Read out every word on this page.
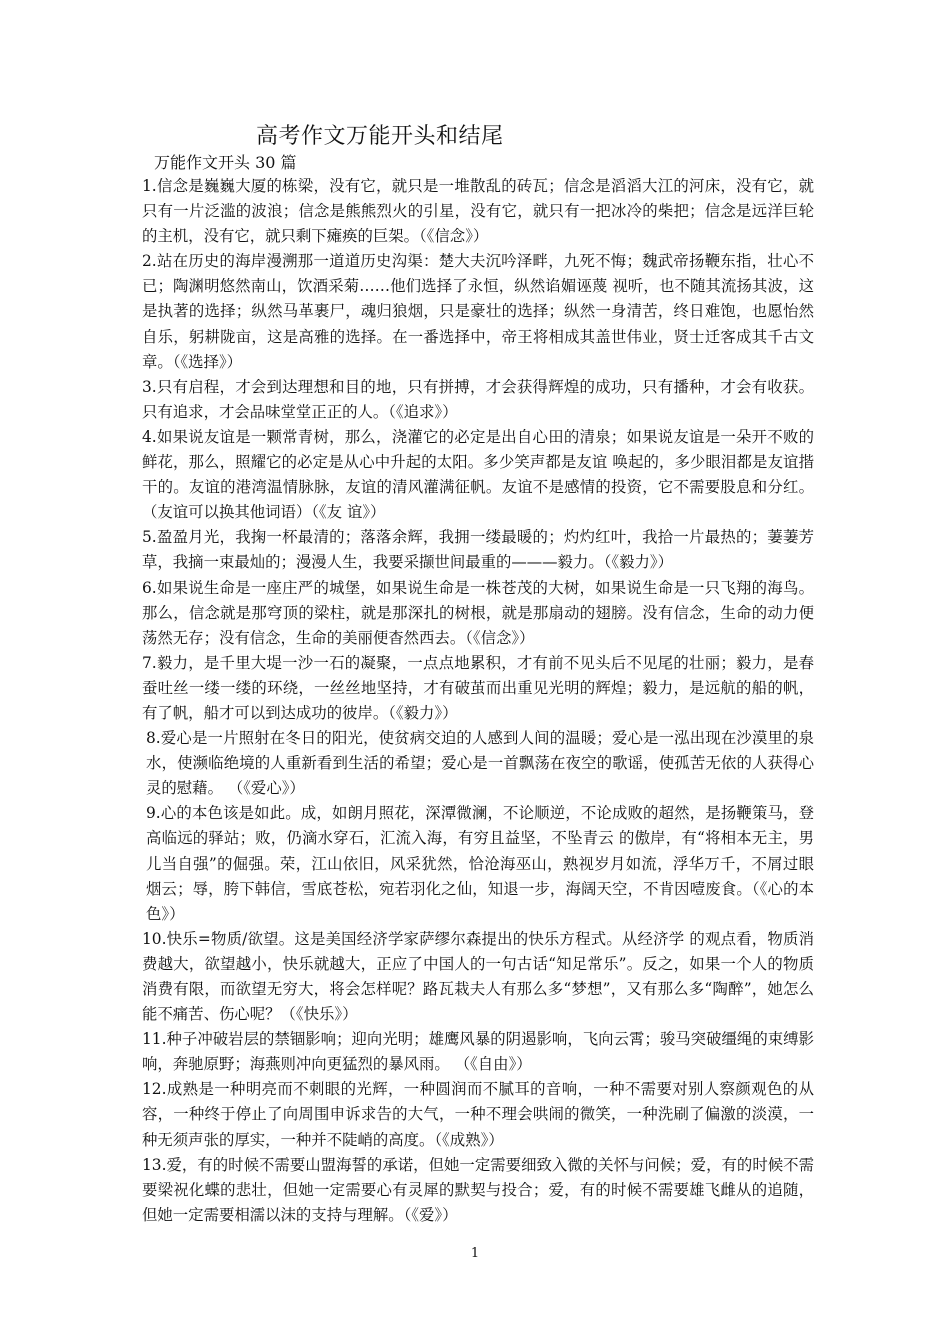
高考作文万能开头和结尾
万能作文开头 30 篇

1.信念是巍巍大厦的栋梁，没有它，就只是一堆散乱的砖瓦；信念是滔滔大江的河床，没有它，就只有一片泛滥的波浪；信念是熊熊烈火的引星，没有它，就只有一把冰冷的柴把；信念是远洋巨轮的主机，没有它，就只剩下瘫痪的巨架。（《信念》）

2.站在历史的海岸漫溯那一道道历史沟渠：楚大夫沉吟泽畔，九死不悔；魏武帝扬鞭东指，壮心不已；陶渊明悠然南山，饮酒采菊……他们选择了永恒，纵然谄媚诬蔑 视听，也不随其流扬其波，这是执著的选择；纵然马革裹尸，魂归狼烟，只是豪壮的选择；纵然一身清苦，终日难饱，也愿怡然自乐，躬耕陇亩，这是高雅的选择。在一番选择中，帝王将相成其盖世伟业，贤士迁客成其千古文章。（《选择》）

3.只有启程，才会到达理想和目的地，只有拼搏，才会获得辉煌的成功，只有播种，才会有收获。只有追求，才会品味堂堂正正的人。（《追求》）

4.如果说友谊是一颗常青树，那么，浇灌它的必定是出自心田的清泉；如果说友谊是一朵开不败的鲜花，那么，照耀它的必定是从心中升起的太阳。多少笑声都是友谊 唤起的，多少眼泪都是友谊揩干的。友谊的港湾温情脉脉，友谊的清风灌满征帆。友谊不是感情的投资，它不需要股息和分红。（友谊可以换其他词语）（《友 谊》）

5.盈盈月光，我掬一杯最清的；落落余辉，我拥一缕最暖的；灼灼红叶，我拾一片最热的；萋萋芳草，我摘一束最灿的；漫漫人生，我要采撷世间最重的———毅力。（《毅力》）

6.如果说生命是一座庄严的城堡，如果说生命是一株苍茂的大树，如果说生命是一只飞翔的海鸟。那么，信念就是那穹顶的梁柱，就是那深扎的树根，就是那扇动的翅膀。没有信念，生命的动力便荡然无存；没有信念，生命的美丽便杳然西去。（《信念》）

7.毅力，是千里大堤一沙一石的凝聚，一点点地累积，才有前不见头后不见尾的壮丽；毅力，是春蚕吐丝一缕一缕的环绕，一丝丝地坚持，才有破茧而出重见光明的辉煌；毅力，是远航的船的帆，有了帆，船才可以到达成功的彼岸。（《毅力》）

8.爱心是一片照射在冬日的阳光，使贫病交迫的人感到人间的温暖；爱心是一泓出现在沙漠里的泉水，使濒临绝境的人重新看到生活的希望；爱心是一首飘荡在夜空的歌谣，使孤苦无依的人获得心灵的慰藉。 （《爱心》）

9.心的本色该是如此。成，如朗月照花，深潭微澜，不论顺逆，不论成败的超然，是扬鞭策马，登高临远的驿站；败，仍滴水穿石，汇流入海，有穷且益坚，不坠青云 的傲岸，有“将相本无主，男儿当自强”的倔强。荣，江山依旧，风采犹然，恰沧海巫山，熟视岁月如流，浮华万千，不屑过眼烟云；辱，胯下韩信，雪底苍松，宛若羽化之仙，知退一步，海阔天空，不肯因噎废食。（《心的本色》）

10.快乐=物质/欲望。这是美国经济学家萨缪尔森提出的快乐方程式。从经济学 的观点看，物质消费越大，欲望越小，快乐就越大，正应了中国人的一句古话“知足常乐”。反之，如果一个人的物质消费有限，而欲望无穷大，将会怎样呢？路瓦栽夫人有那么多“梦想”，又有那么多“陶醉”，她怎么能不痛苦、伤心呢？（《快乐》）

11.种子冲破岩层的禁锢影响；迎向光明；雄鹰风暴的阴遏影响，飞向云霄；骏马突破缰绳的束缚影响，奔驰原野；海燕则冲向更猛烈的暴风雨。 （《自由》）

12.成熟是一种明亮而不刺眼的光辉，一种圆润而不腻耳的音响，一种不需要对别人察颜观色的从容，一种终于停止了向周围申诉求告的大气，一种不理会哄闹的微笑，一种洗刷了偏激的淡漠，一种无须声张的厚实，一种并不陡峭的高度。（《成熟》）

13.爱，有的时候不需要山盟海誓的承诺，但她一定需要细致入微的关怀与问候；爱，有的时候不需要梁祝化蝶的悲壮，但她一定需要心有灵犀的默契与投合；爱，有的时候不需要雄飞雌从的追随，但她一定需要相濡以沫的支持与理解。（《爱》）

1
